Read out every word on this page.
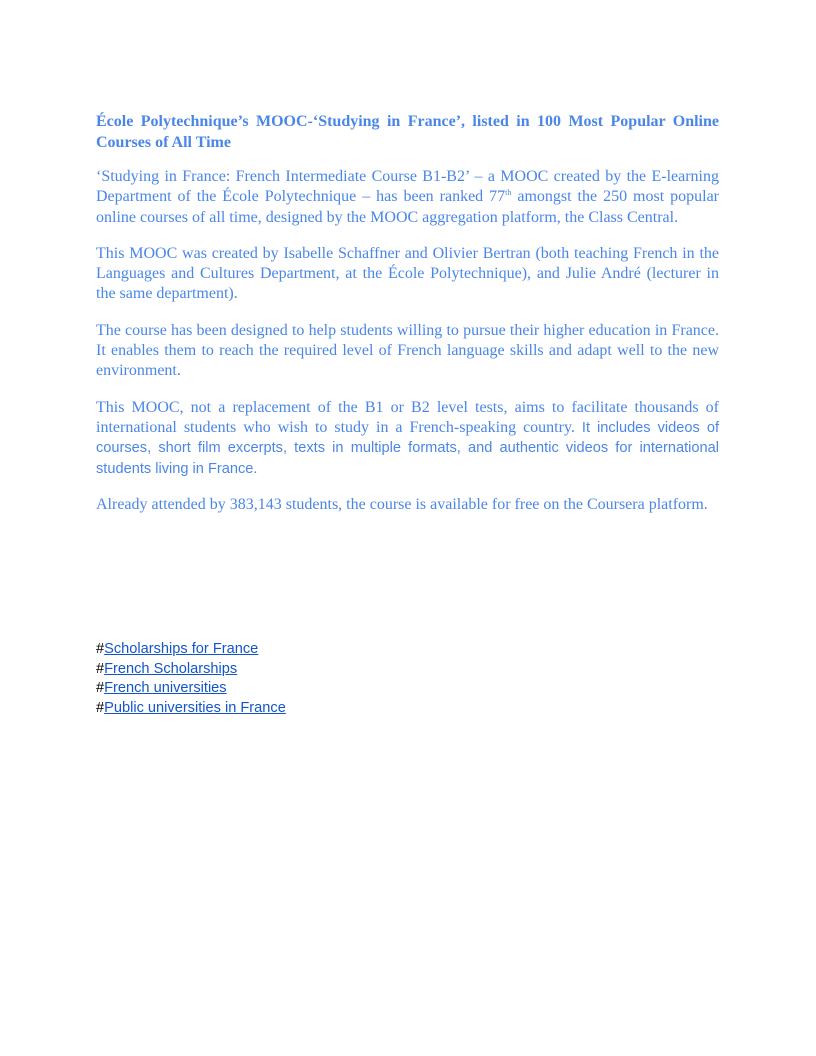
École Polytechnique’s MOOC-‘Studying in France’, listed in 100 Most Popular Online Courses of All Time

‘Studying in France: French Intermediate Course B1-B2’ – a MOOC created by the E-learning Department of the École Polytechnique – has been ranked 77th amongst the 250 most popular online courses of all time, designed by the MOOC aggregation platform, the Class Central.

This MOOC was created by Isabelle Schaffner and Olivier Bertran (both teaching French in the Languages and Cultures Department, at the École Polytechnique), and Julie André (lecturer in the same department).

The course has been designed to help students willing to pursue their higher education in France. It enables them to reach the required level of French language skills and adapt well to the new environment.

This MOOC, not a replacement of the B1 or B2 level tests, aims to facilitate thousands of international students who wish to study in a French-speaking country. It includes videos of courses, short film excerpts, texts in multiple formats, and authentic videos for international students living in France.

Already attended by 383,143 students, the course is available for free on the Coursera platform.

#Scholarships for France
#French Scholarships
#French universities
#Public universities in France
